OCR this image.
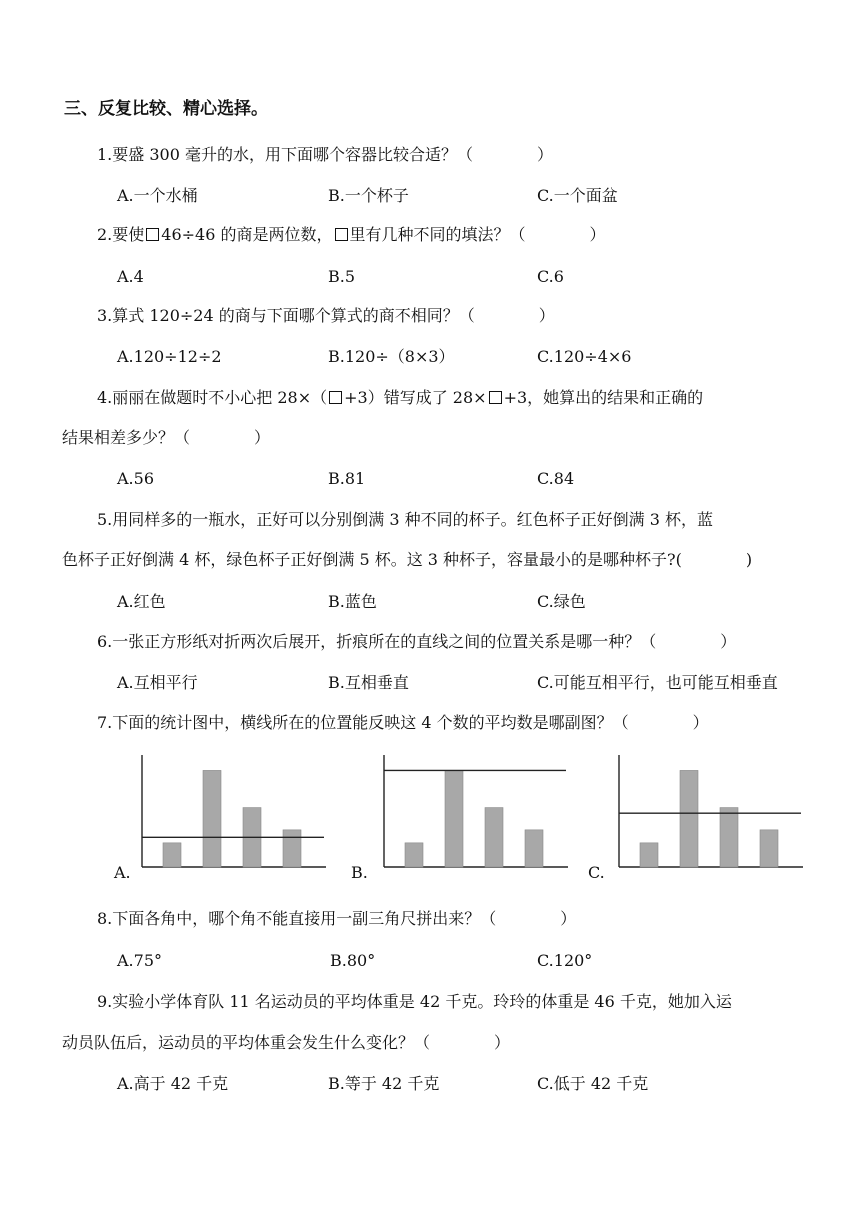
三、反复比较、精心选择。
1.要盛 300 毫升的水，用下面哪个容器比较合适？（　　　　）
A.一个水桶	B.一个杯子	C.一个面盆
2.要使 46÷46 的商是两位数， 里有几种不同的填法？（　　　　）
A.4	B.5	C.6
3.算式 120÷24 的商与下面哪个算式的商不相同？（　　　　）
A.120÷12÷2	B.120÷（8×3）	C.120÷4×6
4.丽丽在做题时不小心把 28×（ +3）错写成了 28× +3，她算出的结果和正确的
结果相差多少？（　　　　）
A.56	B.81	C.84
5.用同样多的一瓶水，正好可以分别倒满 3 种不同的杯子。红色杯子正好倒满 3 杯，蓝
色杯子正好倒满 4 杯，绿色杯子正好倒满 5 杯。这 3 种杯子，容量最小的是哪种杯子?(　　　　)
A.红色	B.蓝色	C.绿色
6.一张正方形纸对折两次后展开，折痕所在的直线之间的位置关系是哪一种？（　　　　）
A.互相平行	B.互相垂直	C.可能互相平行，也可能互相垂直
7.下面的统计图中，横线所在的位置能反映这 4 个数的平均数是哪副图？（　　　　）
A.	B.	C.
8.下面各角中，哪个角不能直接用一副三角尺拼出来？（　　　　）
A.75°	B.80°	C.120°
9.实验小学体育队 11 名运动员的平均体重是 42 千克。玲玲的体重是 46 千克，她加入运
动员队伍后，运动员的平均体重会发生什么变化？（　　　　）
A.高于 42 千克	B.等于 42 千克	C.低于 42 千克
